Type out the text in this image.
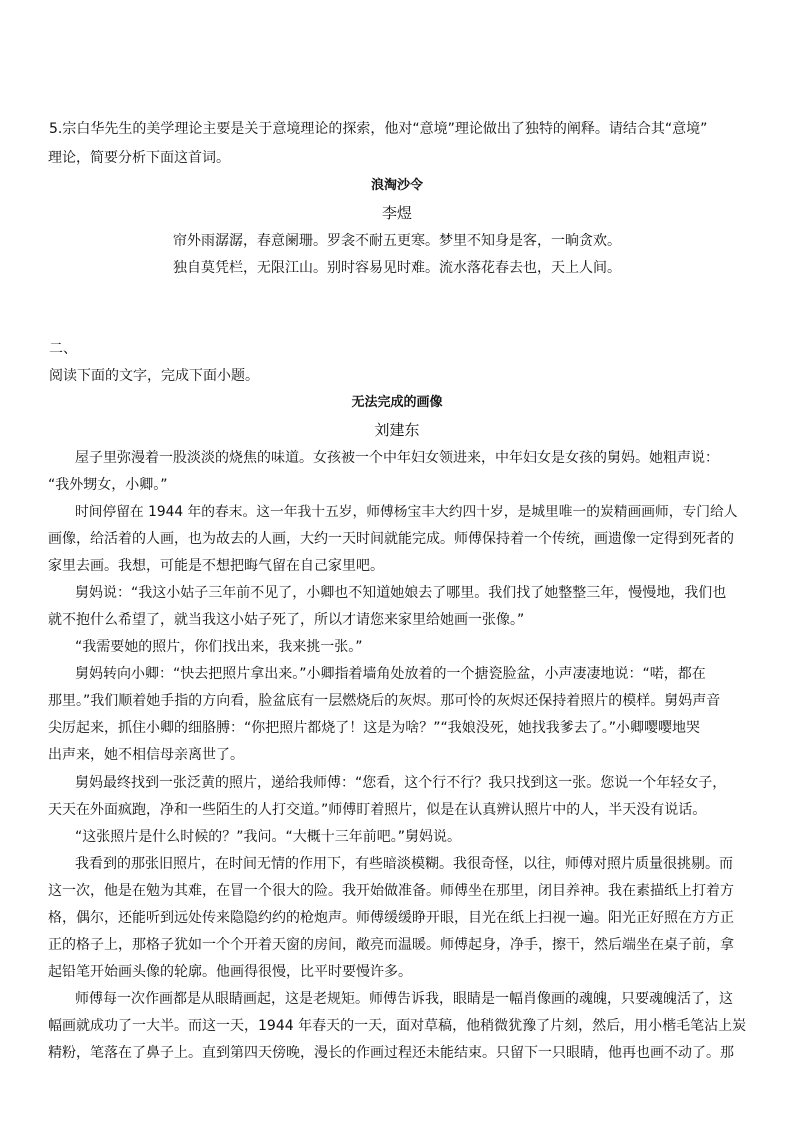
5.宗白华先生的美学理论主要是关于意境理论的探索，他对“意境”理论做出了独特的阐释。请结合其“意境”
理论，简要分析下面这首词。
浪淘沙令
李煜
帘外雨潺潺，春意阑珊。罗衾不耐五更寒。梦里不知身是客，一晌贪欢。
独自莫凭栏，无限江山。别时容易见时难。流水落花春去也，天上人间。
二、
阅读下面的文字，完成下面小题。
无法完成的画像
刘建东
屋子里弥漫着一股淡淡的烧焦的味道。女孩被一个中年妇女领进来，中年妇女是女孩的舅妈。她粗声说：
“我外甥女，小卿。”
时间停留在 1944 年的春末。这一年我十五岁，师傅杨宝丰大约四十岁，是城里唯一的炭精画画师，专门给人
画像，给活着的人画，也为故去的人画，大约一天时间就能完成。师傅保持着一个传统，画遗像一定得到死者的
家里去画。我想，可能是不想把晦气留在自己家里吧。
舅妈说：“我这小姑子三年前不见了，小卿也不知道她娘去了哪里。我们找了她整整三年，慢慢地，我们也
就不抱什么希望了，就当我这小姑子死了，所以才请您来家里给她画一张像。”
“我需要她的照片，你们找出来，我来挑一张。”
舅妈转向小卿：“快去把照片拿出来。”小卿指着墙角处放着的一个搪瓷脸盆，小声凄凄地说：“喏，都在
那里。”我们顺着她手指的方向看，脸盆底有一层燃烧后的灰烬。那可怜的灰烬还保持着照片的模样。舅妈声音
尖厉起来，抓住小卿的细胳膊：“你把照片都烧了！这是为啥？”“我娘没死，她找我爹去了。”小卿嘤嘤地哭
出声来，她不相信母亲离世了。
舅妈最终找到一张泛黄的照片，递给我师傅：“您看，这个行不行？我只找到这一张。您说一个年轻女子，
天天在外面疯跑，净和一些陌生的人打交道。”师傅盯着照片，似是在认真辨认照片中的人，半天没有说话。
“这张照片是什么时候的？”我问。“大概十三年前吧。”舅妈说。
我看到的那张旧照片，在时间无情的作用下，有些暗淡模糊。我很奇怪，以往，师傅对照片质量很挑剔。而
这一次，他是在勉为其难，在冒一个很大的险。我开始做准备。师傅坐在那里，闭目养神。我在素描纸上打着方
格，偶尔，还能听到远处传来隐隐约约的枪炮声。师傅缓缓睁开眼，目光在纸上扫视一遍。阳光正好照在方方正
正的格子上，那格子犹如一个个开着天窗的房间，敞亮而温暖。师傅起身，净手，擦干，然后端坐在桌子前，拿
起铅笔开始画头像的轮廓。他画得很慢，比平时要慢许多。
师傅每一次作画都是从眼睛画起，这是老规矩。师傅告诉我，眼睛是一幅肖像画的魂魄，只要魂魄活了，这
幅画就成功了一大半。而这一天，1944 年春天的一天，面对草稿，他稍微犹豫了片刻，然后，用小楷毛笔沾上炭
精粉，笔落在了鼻子上。直到第四天傍晚，漫长的作画过程还未能结束。只留下一只眼睛，他再也画不动了。那
